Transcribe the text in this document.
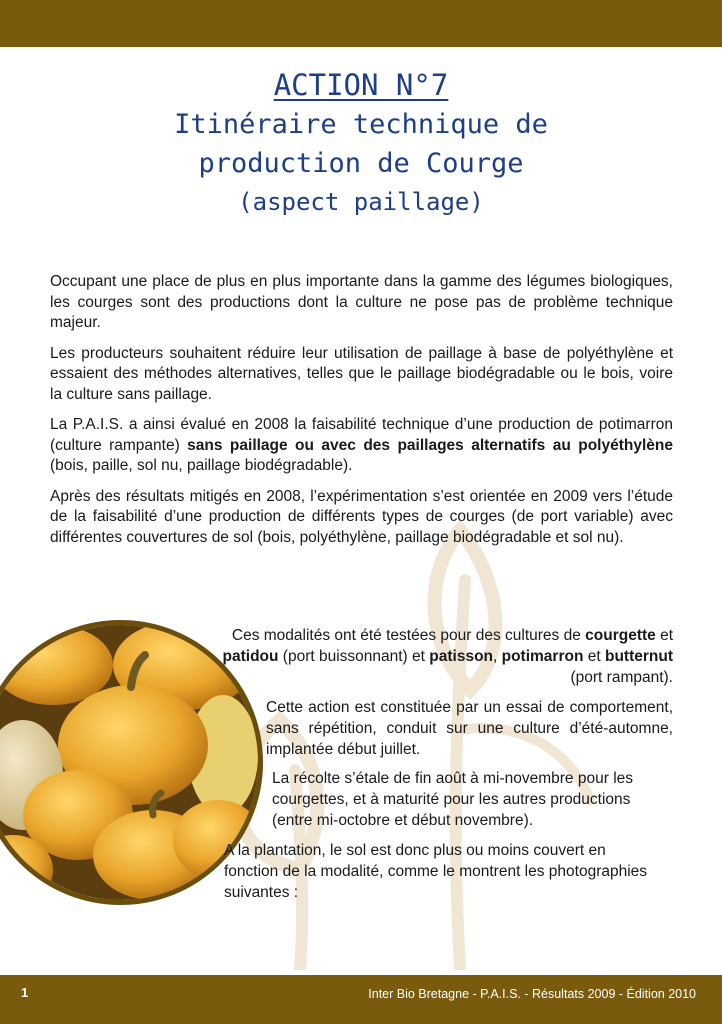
ACTION N°7
Itinéraire technique de
production de Courge
(aspect paillage)

Occupant une place de plus en plus importante dans la gamme des légumes biologiques, les courges sont des productions dont la culture ne pose pas de problème technique majeur.

Les producteurs souhaitent réduire leur utilisation de paillage à base de polyéthylène et essaient des méthodes alternatives, telles que le paillage biodégradable ou le bois, voire la culture sans paillage.

La P.A.I.S. a ainsi évalué en 2008 la faisabilité technique d’une production de potimarron (culture rampante) sans paillage ou avec des paillages alternatifs au polyéthylène (bois, paille, sol nu, paillage biodégradable).

Après des résultats mitigés en 2008, l’expérimentation s’est orientée en 2009 vers l’étude de la faisabilité d’une production de différents types de courges (de port variable) avec différentes couvertures de sol (bois, polyéthylène, paillage biodégradable et sol nu).

Ces modalités ont été testées pour des cultures de courgette et patidou (port buissonnant) et patisson, potimarron et butternut (port rampant).

Cette action est constituée par un essai de comportement, sans répétition, conduit sur une culture d’été-automne, implantée début juillet.

La récolte s’étale de fin août à mi-novembre pour les courgettes, et à maturité pour les autres productions (entre mi-octobre et début novembre).

A la plantation, le sol est donc plus ou moins couvert en fonction de la modalité, comme le montrent les photographies suivantes :

1	Inter Bio Bretagne - P.A.I.S. - Résultats 2009 - Édition 2010
